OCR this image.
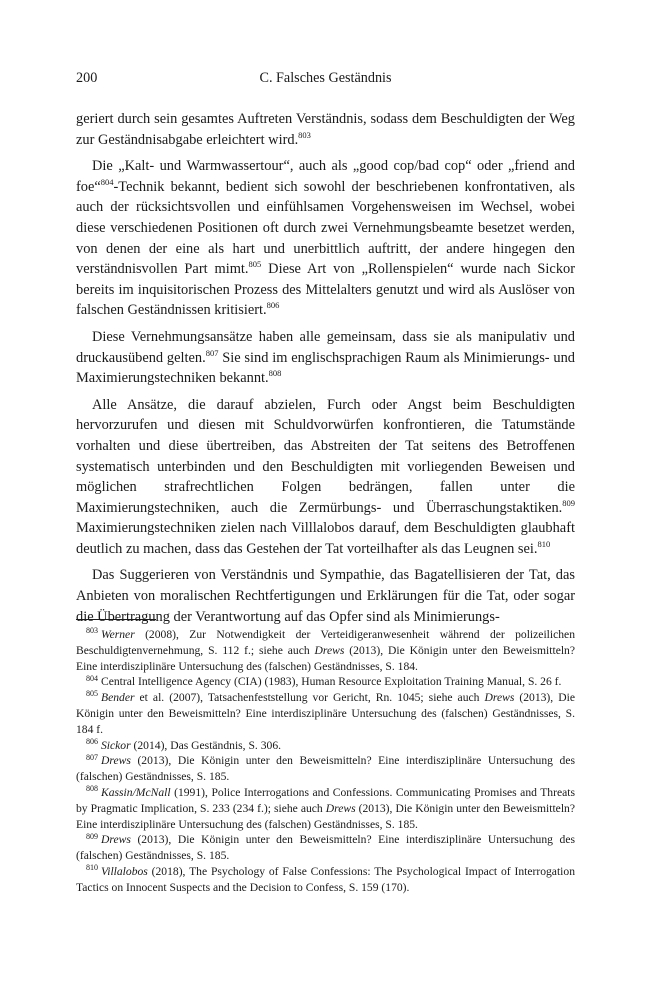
200	C. Falsches Geständnis

geriert durch sein gesamtes Auftreten Verständnis, sodass dem Beschuldigten der Weg zur Geständnisabgabe erleichtert wird.$^{803}$

Die „Kalt- und Warmwassertour“, auch als „good cop/bad cop“ oder „friend and foe“$^{804}$-Technik bekannt, bedient sich sowohl der beschriebenen konfrontativen, als auch der rücksichtsvollen und einfühlsamen Vorgehensweisen im Wechsel, wobei diese verschiedenen Positionen oft durch zwei Vernehmungsbeamte besetzet werden, von denen der eine als hart und unerbittlich auftritt, der andere hingegen den verständnisvollen Part mimt.$^{805}$ Diese Art von „Rollenspielen“ wurde nach Sickor bereits im inquisitorischen Prozess des Mittelalters genutzt und wird als Auslöser von falschen Geständnissen kritisiert.$^{806}$

Diese Vernehmungsansätze haben alle gemeinsam, dass sie als manipulativ und druckausübend gelten.$^{807}$ Sie sind im englischsprachigen Raum als Minimierungs- und Maximierungstechniken bekannt.$^{808}$

Alle Ansätze, die darauf abzielen, Furch oder Angst beim Beschuldigten hervorzurufen und diesen mit Schuldvorwürfen konfrontieren, die Tatumstände vorhalten und diese übertreiben, das Abstreiten der Tat seitens des Betroffenen systematisch unterbinden und den Beschuldigten mit vorliegenden Beweisen und möglichen strafrechtlichen Folgen bedrängen, fallen unter die Maximierungstechniken, auch die Zermürbungs- und Überraschungstaktiken.$^{809}$ Maximierungstechniken zielen nach Villlalobos darauf, dem Beschuldigten glaubhaft deutlich zu machen, dass das Gestehen der Tat vorteilhafter als das Leugnen sei.$^{810}$

Das Suggerieren von Verständnis und Sympathie, das Bagatellisieren der Tat, das Anbieten von moralischen Rechtfertigungen und Erklärungen für die Tat, oder sogar die Übertragung der Verantwortung auf das Opfer sind als Minimierungs-

$^{803}$ Werner (2008), Zur Notwendigkeit der Verteidigeranwesenheit während der polizeilichen Beschuldigtenvernehmung, S. 112 f.; siehe auch Drews (2013), Die Königin unter den Beweismitteln? Eine interdisziplinäre Untersuchung des (falschen) Geständnisses, S. 184.

$^{804}$ Central Intelligence Agency (CIA) (1983), Human Resource Exploitation Training Manual, S. 26 f.

$^{805}$ Bender et al. (2007), Tatsachenfeststellung vor Gericht, Rn. 1045; siehe auch Drews (2013), Die Königin unter den Beweismitteln? Eine interdisziplinäre Untersuchung des (falschen) Geständnisses, S. 184 f.

$^{806}$ Sickor (2014), Das Geständnis, S. 306.

$^{807}$ Drews (2013), Die Königin unter den Beweismitteln? Eine interdisziplinäre Untersuchung des (falschen) Geständnisses, S. 185.

$^{808}$ Kassin/McNall (1991), Police Interrogations and Confessions. Communicating Promises and Threats by Pragmatic Implication, S. 233 (234 f.); siehe auch Drews (2013), Die Königin unter den Beweismitteln? Eine interdisziplinäre Untersuchung des (falschen) Geständnisses, S. 185.

$^{809}$ Drews (2013), Die Königin unter den Beweismitteln? Eine interdisziplinäre Untersuchung des (falschen) Geständnisses, S. 185.

$^{810}$ Villalobos (2018), The Psychology of False Confessions: The Psychological Impact of Interrogation Tactics on Innocent Suspects and the Decision to Confess, S. 159 (170).
